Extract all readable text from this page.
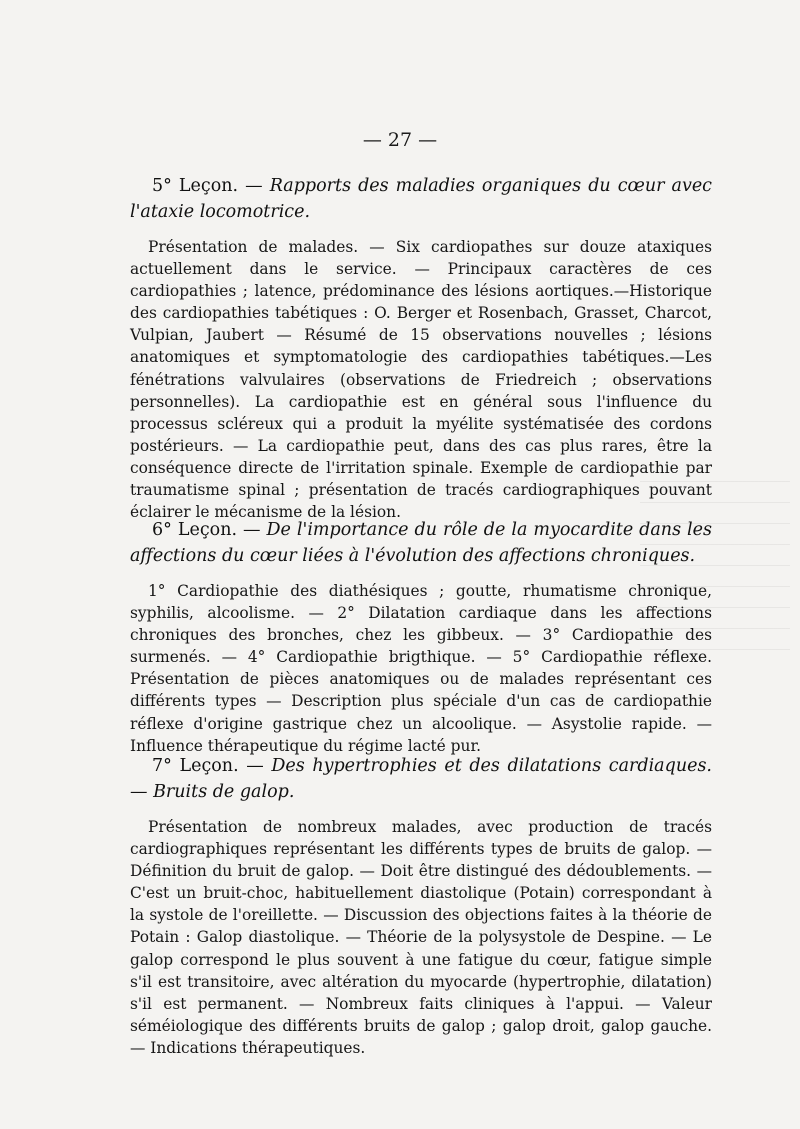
— 27 —
5° Leçon. — Rapports des maladies organiques du cœur avec l'ataxie locomotrice.

Présentation de malades. — Six cardiopathes sur douze ataxiques actuellement dans le service. — Principaux caractères de ces cardiopathies ; latence, prédominance des lésions aortiques.—Historique des cardiopathies tabétiques : O. Berger et Rosenbach, Grasset, Charcot, Vulpian, Jaubert — Résumé de 15 observations nouvelles ; lésions anatomiques et symptomatologie des cardiopathies tabétiques.—Les fénétrations valvulaires (observations de Friedreich ; observations personnelles). La cardiopathie est en général sous l'influence du processus scléreux qui a produit la myélite systématisée des cordons postérieurs. — La cardiopathie peut, dans des cas plus rares, être la conséquence directe de l'irritation spinale. Exemple de cardiopathie par traumatisme spinal ; présentation de tracés cardiographiques pouvant éclairer le mécanisme de la lésion.

6° Leçon. — De l'importance du rôle de la myocardite dans les affections du cœur liées à l'évolution des affections chroniques.

1° Cardiopathie des diathésiques ; goutte, rhumatisme chronique, syphilis, alcoolisme. — 2° Dilatation cardiaque dans les affections chroniques des bronches, chez les gibbeux. — 3° Cardiopathie des surmenés. — 4° Cardiopathie brigthique. — 5° Cardiopathie réflexe. Présentation de pièces anatomiques ou de malades représentant ces différents types — Description plus spéciale d'un cas de cardiopathie réflexe d'origine gastrique chez un alcoolique. — Asystolie rapide. — Influence thérapeutique du régime lacté pur.

7° Leçon. — Des hypertrophies et des dilatations cardiaques. — Bruits de galop.

Présentation de nombreux malades, avec production de tracés cardiographiques représentant les différents types de bruits de galop. — Définition du bruit de galop. — Doit être distingué des dédoublements. — C'est un bruit-choc, habituellement diastolique (Potain) correspondant à la systole de l'oreillette. — Discussion des objections faites à la théorie de Potain : Galop diastolique. — Théorie de la polysystole de Despine. — Le galop correspond le plus souvent à une fatigue du cœur, fatigue simple s'il est transitoire, avec altération du myocarde (hypertrophie, dilatation) s'il est permanent. — Nombreux faits cliniques à l'appui. — Valeur séméiologique des différents bruits de galop ; galop droit, galop gauche. — Indications thérapeutiques.
